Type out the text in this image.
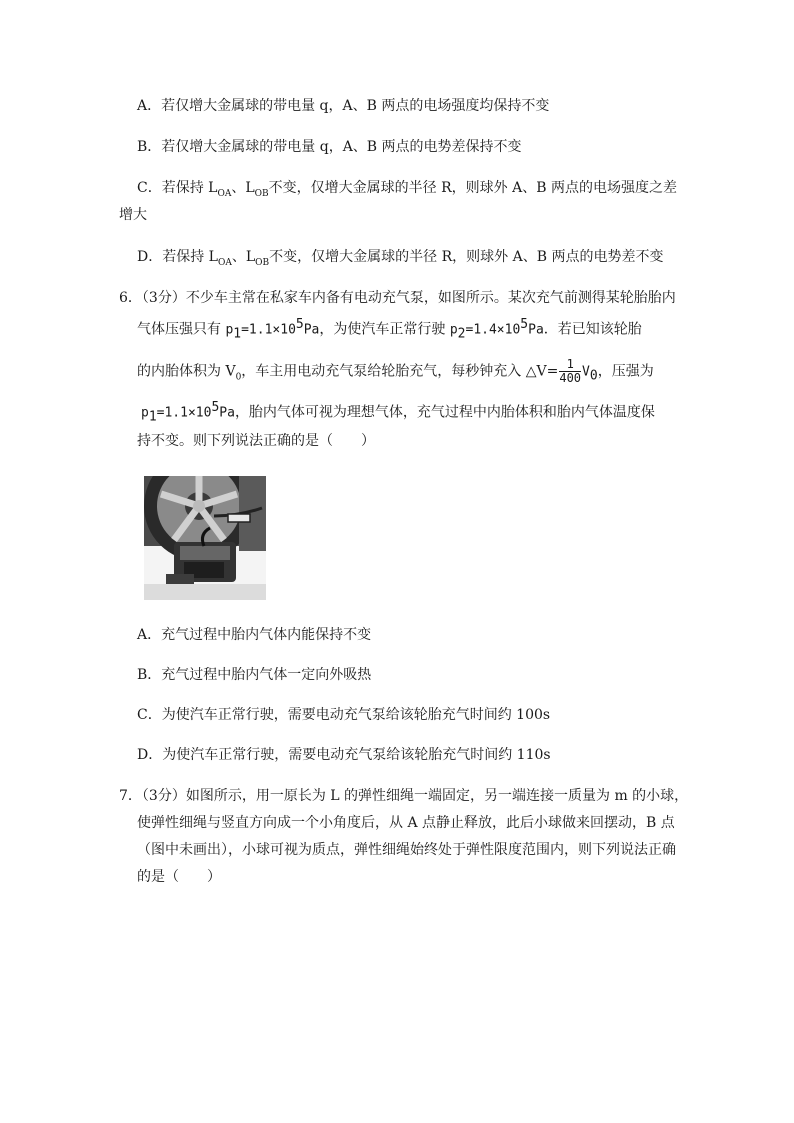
A．若仅增大金属球的带电量 q，A、B 两点的电场强度均保持不变
B．若仅增大金属球的带电量 q，A、B 两点的电势差保持不变
C．若保持 $L_{OA}$、$L_{OB}$不变，仅增大金属球的半径 R，则球外 A、B 两点的电场强度之差
增大
D．若保持 $L_{OA}$、$L_{OB}$不变，仅增大金属球的半径 R，则球外 A、B 两点的电势差不变
6．（3分）不少车主常在私家车内备有电动充气泵，如图所示。某次充气前测得某轮胎胎内
气体压强只有 $p_1=1.1\times 10^5Pa$，为使汽车正常行驶 $p_2=1.4\times 10^5Pa$．若已知该轮胎
的内胎体积为 $V_0$，车主用电动充气泵给轮胎充气，每秒钟充入 △V= $\frac{1}{400} V_0$，压强为
$p_1=1.1\times 10^5Pa$，胎内气体可视为理想气体，充气过程中内胎体积和胎内气体温度保
持不变。则下列说法正确的是（　　）
A．充气过程中胎内气体内能保持不变
B．充气过程中胎内气体一定向外吸热
C．为使汽车正常行驶，需要电动充气泵给该轮胎充气时间约 100s
D．为使汽车正常行驶，需要电动充气泵给该轮胎充气时间约 110s
7．（3分）如图所示，用一原长为 L 的弹性细绳一端固定，另一端连接一质量为 m 的小球，
使弹性细绳与竖直方向成一个小角度后，从 A 点静止释放，此后小球做来回摆动，B 点
（图中未画出），小球可视为质点，弹性细绳始终处于弹性限度范围内，则下列说法正确
的是（　　）
